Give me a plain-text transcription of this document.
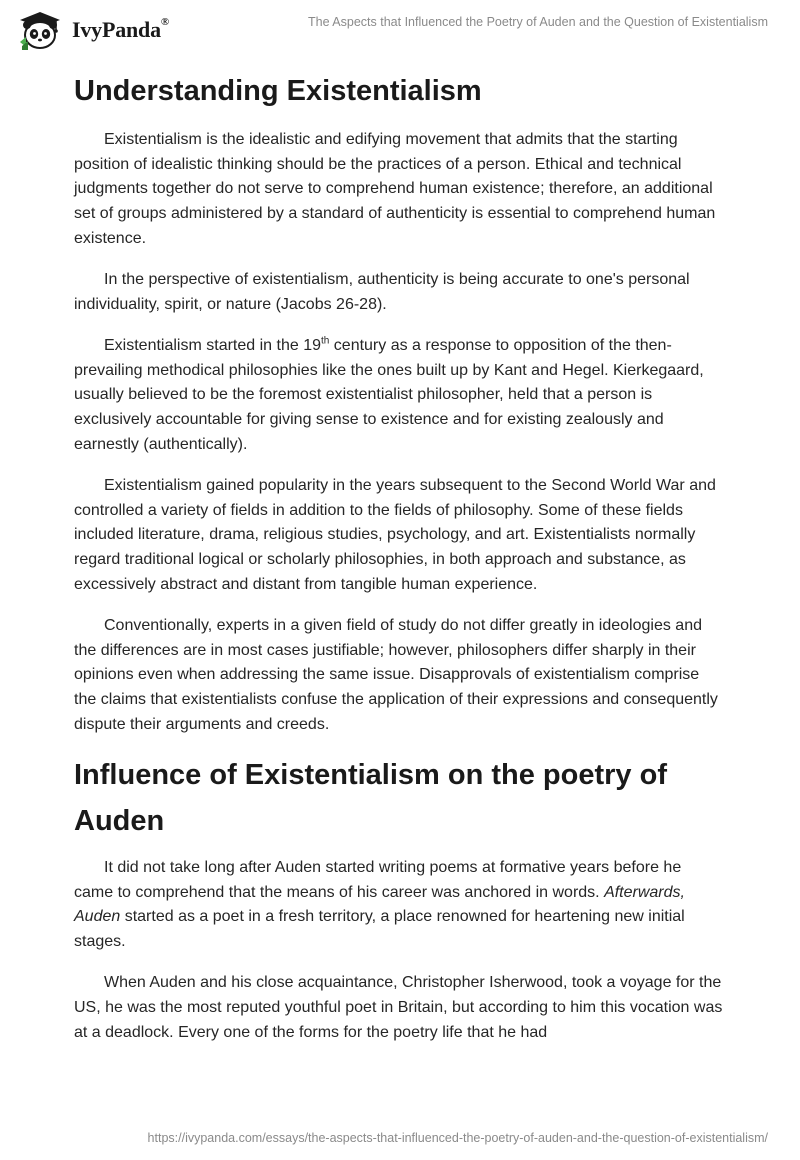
IvyPanda®	The Aspects that Influenced the Poetry of Auden and the Question of Existentialism
Understanding Existentialism

Existentialism is the idealistic and edifying movement that admits that the starting position of idealistic thinking should be the practices of a person. Ethical and technical judgments together do not serve to comprehend human existence; therefore, an additional set of groups administered by a standard of authenticity is essential to comprehend human existence.

In the perspective of existentialism, authenticity is being accurate to one's personal individuality, spirit, or nature (Jacobs 26-28).

Existentialism started in the 19th century as a response to opposition of the then-prevailing methodical philosophies like the ones built up by Kant and Hegel. Kierkegaard, usually believed to be the foremost existentialist philosopher, held that a person is exclusively accountable for giving sense to existence and for existing zealously and earnestly (authentically).

Existentialism gained popularity in the years subsequent to the Second World War and controlled a variety of fields in addition to the fields of philosophy. Some of these fields included literature, drama, religious studies, psychology, and art. Existentialists normally regard traditional logical or scholarly philosophies, in both approach and substance, as excessively abstract and distant from tangible human experience.

Conventionally, experts in a given field of study do not differ greatly in ideologies and the differences are in most cases justifiable; however, philosophers differ sharply in their opinions even when addressing the same issue. Disapprovals of existentialism comprise the claims that existentialists confuse the application of their expressions and consequently dispute their arguments and creeds.

Influence of Existentialism on the poetry of Auden

It did not take long after Auden started writing poems at formative years before he came to comprehend that the means of his career was anchored in words. Afterwards, Auden started as a poet in a fresh territory, a place renowned for heartening new initial stages.

When Auden and his close acquaintance, Christopher Isherwood, took a voyage for the US, he was the most reputed youthful poet in Britain, but according to him this vocation was at a deadlock. Every one of the forms for the poetry life that he had

https://ivypanda.com/essays/the-aspects-that-influenced-the-poetry-of-auden-and-the-question-of-existentialism/
